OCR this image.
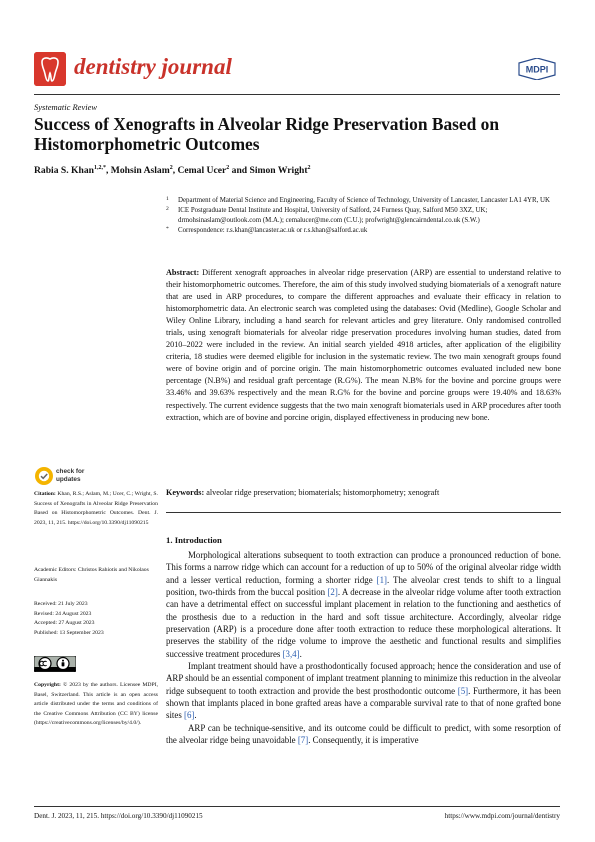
dentistry journal	MDPI
Systematic Review
Success of Xenografts in Alveolar Ridge Preservation Based on Histomorphometric Outcomes
Rabia S. Khan$^{1,2,*}$, Mohsin Aslam$^2$, Cemal Ucer$^2$ and Simon Wright$^2$
1 Department of Material Science and Engineering, Faculty of Science of Technology, University of Lancaster, Lancaster LA1 4YR, UK
2 ICE Postgraduate Dental Institute and Hospital, University of Salford, 24 Furness Quay, Salford M50 3XZ, UK; drmohsinaslam@outlook.com (M.A.); cemalucer@me.com (C.U.); profwright@glencairndental.co.uk (S.W.)
* Correspondence: r.s.khan@lancaster.ac.uk or r.s.khan@salford.ac.uk
Abstract: Different xenograft approaches in alveolar ridge preservation (ARP) are essential to understand relative to their histomorphometric outcomes. Therefore, the aim of this study involved studying biomaterials of a xenograft nature that are used in ARP procedures, to compare the different approaches and evaluate their efficacy in relation to histomorphometric data. An electronic search was completed using the databases: Ovid (Medline), Google Scholar and Wiley Online Library, including a hand search for relevant articles and grey literature. Only randomised controlled trials, using xenograft biomaterials for alveolar ridge preservation procedures involving human studies, dated from 2010–2022 were included in the review. An initial search yielded 4918 articles, after application of the eligibility criteria, 18 studies were deemed eligible for inclusion in the systematic review. The two main xenograft groups found were of bovine origin and of porcine origin. The main histomorphometric outcomes evaluated included new bone percentage (N.B%) and residual graft percentage (R.G%). The mean N.B% for the bovine and porcine groups were 33.46% and 39.63% respectively and the mean R.G% for the bovine and porcine groups were 19.40% and 18.63% respectively. The current evidence suggests that the two main xenograft biomaterials used in ARP procedures after tooth extraction, which are of bovine and porcine origin, displayed effectiveness in producing new bone.
Keywords: alveolar ridge preservation; biomaterials; histomorphometry; xenograft
check for
updates
Citation: Khan, R.S.; Aslam, M.; Ucer, C.; Wright, S. Success of Xenografts in Alveolar Ridge Preservation Based on Histomorphometric Outcomes. Dent. J. 2023, 11, 215. https://doi.org/10.3390/dj11090215
Academic Editors: Christos Rahiotis and Nikolaos Giannakis
Received: 21 July 2023
Revised: 24 August 2023
Accepted: 27 August 2023
Published: 13 September 2023
Copyright: © 2023 by the authors. Licensee MDPI, Basel, Switzerland. This article is an open access article distributed under the terms and conditions of the Creative Commons Attribution (CC BY) license (https://creativecommons.org/licenses/by/4.0/).
1. Introduction

Morphological alterations subsequent to tooth extraction can produce a pronounced reduction of bone. This forms a narrow ridge which can account for a reduction of up to 50% of the original alveolar ridge width and a lesser vertical reduction, forming a shorter ridge [1]. The alveolar crest tends to shift to a lingual position, two-thirds from the buccal position [2]. A decrease in the alveolar ridge volume after tooth extraction can have a detrimental effect on successful implant placement in relation to the functioning and aesthetics of the prosthesis due to a reduction in the hard and soft tissue architecture. Accordingly, alveolar ridge preservation (ARP) is a procedure done after tooth extraction to reduce these morphological alterations. It preserves the stability of the ridge volume to improve the aesthetic and functional results and simplifies successive treatment procedures [3,4].

Implant treatment should have a prosthodontically focused approach; hence the consideration and use of ARP should be an essential component of implant treatment planning to minimize this reduction in the alveolar ridge subsequent to tooth extraction and provide the best prosthodontic outcome [5]. Furthermore, it has been shown that implants placed in bone grafted areas have a comparable survival rate to that of none grafted bone sites [6].

ARP can be technique-sensitive, and its outcome could be difficult to predict, with some resorption of the alveolar ridge being unavoidable [7]. Consequently, it is imperative

Dent. J. 2023, 11, 215. https://doi.org/10.3390/dj11090215	https://www.mdpi.com/journal/dentistry
